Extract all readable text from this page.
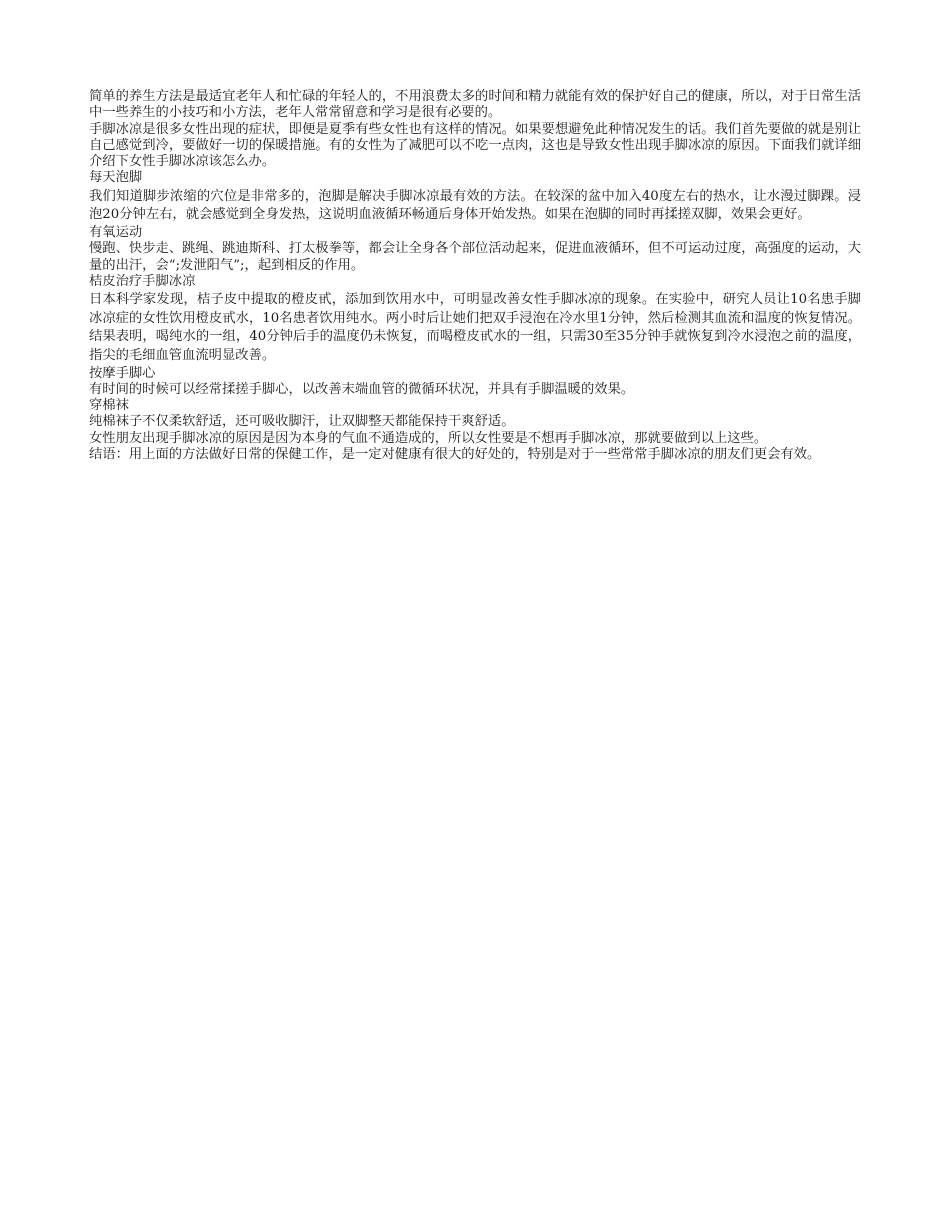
简单的养生方法是最适宜老年人和忙碌的年轻人的，不用浪费太多的时间和精力就能有效的保护好自己的健康，所以，对于日常生活中一些养生的小技巧和小方法，老年人常常留意和学习是很有必要的。

手脚冰凉是很多女性出现的症状，即便是夏季有些女性也有这样的情况。如果要想避免此种情况发生的话。我们首先要做的就是别让自己感觉到冷，要做好一切的保暖措施。有的女性为了减肥可以不吃一点肉，这也是导致女性出现手脚冰凉的原因。下面我们就详细介绍下女性手脚冰凉该怎么办。

每天泡脚

我们知道脚步浓缩的穴位是非常多的，泡脚是解决手脚冰凉最有效的方法。在较深的盆中加入40度左右的热水，让水漫过脚踝。浸泡20分钟左右，就会感觉到全身发热，这说明血液循环畅通后身体开始发热。如果在泡脚的同时再揉搓双脚，效果会更好。

有氧运动

慢跑、快步走、跳绳、跳迪斯科、打太极拳等，都会让全身各个部位活动起来，促进血液循环，但不可运动过度，高强度的运动，大量的出汗，会“;发泄阳气”;，起到相反的作用。

桔皮治疗手脚冰凉

日本科学家发现，桔子皮中提取的橙皮甙，添加到饮用水中，可明显改善女性手脚冰凉的现象。在实验中，研究人员让10名患手脚冰凉症的女性饮用橙皮甙水，10名患者饮用纯水。两小时后让她们把双手浸泡在冷水里1分钟，然后检测其血流和温度的恢复情况。结果表明，喝纯水的一组，40分钟后手的温度仍未恢复，而喝橙皮甙水的一组，只需30至35分钟手就恢复到冷水浸泡之前的温度，指尖的毛细血管血流明显改善。

按摩手脚心

有时间的时候可以经常揉搓手脚心，以改善末端血管的微循环状况，并具有手脚温暖的效果。

穿棉袜

纯棉袜子不仅柔软舒适，还可吸收脚汗，让双脚整天都能保持干爽舒适。

女性朋友出现手脚冰凉的原因是因为本身的气血不通造成的，所以女性要是不想再手脚冰凉，那就要做到以上这些。

结语：用上面的方法做好日常的保健工作，是一定对健康有很大的好处的，特别是对于一些常常手脚冰凉的朋友们更会有效。
